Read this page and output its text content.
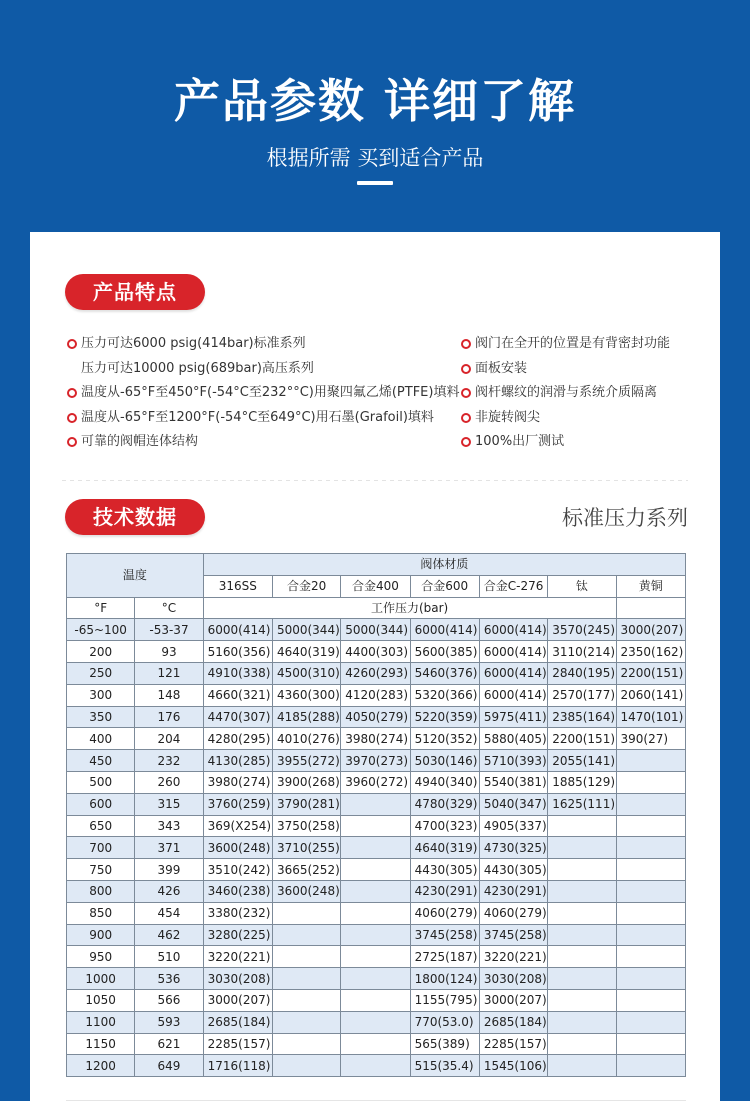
产品参数 详细了解
根据所需 买到适合产品
产品特点
压力可达6000 psig(414bar)标准系列
压力可达10000 psig(689bar)高压系列
温度从-65°F至450°F(-54°C至232°°C)用聚四氟乙烯(PTFE)填料
温度从-65°F至1200°F(-54°C至649°C)用石墨(Grafoil)填料
可靠的阀帽连体结构
阀门在全开的位置是有背密封功能
面板安装
阀杆螺纹的润滑与系统介质隔离
非旋转阀尖
100%出厂测试
技术数据	标准压力系列
温度		阀体材质						
		316SS	合金20	合金400	合金600	合金C-276	钛	黄铜
°F	°C	工作压力(bar)						
-65~100	-53-37	6000(414)	5000(344)	5000(344)	6000(414)	6000(414)	3570(245)	3000(207)
200	93	5160(356)	4640(319)	4400(303)	5600(385)	6000(414)	3110(214)	2350(162)
250	121	4910(338)	4500(310)	4260(293)	5460(376)	6000(414)	2840(195)	2200(151)
300	148	4660(321)	4360(300)	4120(283)	5320(366)	6000(414)	2570(177)	2060(141)
350	176	4470(307)	4185(288)	4050(279)	5220(359)	5975(411)	2385(164)	1470(101)
400	204	4280(295)	4010(276)	3980(274)	5120(352)	5880(405)	2200(151)	390(27)
450	232	4130(285)	3955(272)	3970(273)	5030(146)	5710(393)	2055(141)	
500	260	3980(274)	3900(268)	3960(272)	4940(340)	5540(381)	1885(129)	
600	315	3760(259)	3790(281)		4780(329)	5040(347)	1625(111)	
650	343	369(X254)	3750(258)		4700(323)	4905(337)		
700	371	3600(248)	3710(255)		4640(319)	4730(325)		
750	399	3510(242)	3665(252)		4430(305)	4430(305)		
800	426	3460(238)	3600(248)		4230(291)	4230(291)		
850	454	3380(232)			4060(279)	4060(279)		
900	462	3280(225)			3745(258)	3745(258)		
950	510	3220(221)			2725(187)	3220(221)		
1000	536	3030(208)			1800(124)	3030(208)		
1050	566	3000(207)			1155(795)	3000(207)		
1100	593	2685(184)			770(53.0)	2685(184)		
1150	621	2285(157)			565(389)	2285(157)		
1200	649	1716(118)			515(35.4)	1545(106)		
